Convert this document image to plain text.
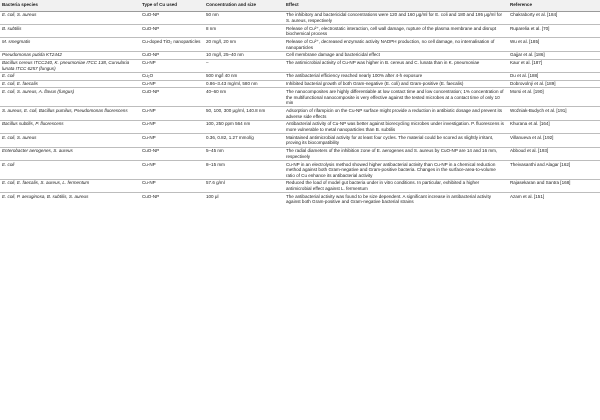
Bacteria species	Type of Cu used	Concentration and size	Effect	Reference
E. coli, S. aureus	CuO-NP	50 nm	The inhibitory and bactericidal concentrations were 120 and 160 μg/ml for E. coli and 180 and 195 μg/ml for S. aureus, respectively	Chakraborty et al. [184]
B. subtilis	CuO-NP	8 nm	Release of Cu²⁺, electrostatic interaction, cell wall damage, rupture of the plasma membrane and disrupt biochemical process	Ruparelia et al. [70]
M. smegmatis	Cu-doped TiO₂ nanoparticles	20 mg/l, 20 nm	Release of Cu²⁺, decreased enzymatic activity NADPH production, no cell damage, no internalisation of nanoparticles	Wu et al. [185]
Pseudomonas putida KT2442	CuO-NP	10 mg/l, 25–40 nm	Cell membrane damage and bactericidal effect	Gajjar et al. [186]
Bacillus cereus ITCC240, K. pneumoniae ITCC 138, Curvularia lunata ITCC 6257 (fungus)	Cu-NP	–	The antimicrobial activity of Cu-NP was higher in B. cereus and C. lunata than in K. pneumoniae	Kaur et al. [187]
E. coli	Cu₂O	500 mg/l 40 nm	The antibacterial efficiency reached nearly 100% after 4-h exposure	Du et al. [188]
E. coli, E. faecalis	Cu-NP	0.86–3.43 mg/ml, 580 nm	Inhibited bacterial growth of both Gram-negative (E. coli) and Gram-positive (E. faecalis)	Dobrovolný et al. [189]
E. coli, S. aureus, A. flavus (fungus)	CuO-NP	40–60 nm	The nanocomposites are highly differentiable at low contact time and low concentration; 1% concentration of the multifunctional nanocomposite is very effective against the tested microbes at a contact time of only 10 min	Morsi et al. [190]
S. aureus, E. coli, Bacillus pumilus, Pseudomonas fluorescens	Cu-NP	50, 100, 300 μg/ml, 140.8 nm	Adsorption of rifampicin on the Cu-NP surface might provide a reduction in antibiotic dosage and prevent its adverse side effects	Woźniak-Budych et al. [191]
Bacillus subtilis, P. fluorescens	Cu-NP	100, 250 ppm 564 nm	Antibacterial activity of Cu-NP was better against biorecycling microbes under investigation. P. fluorescens is more vulnerable to metal nanoparticles than B. subtilis	Khurana et al. [164]
E. coli, S. aureus	Cu-NP	0.36, 0.82, 1.27 mmol/g	Maintained antimicrobial activity for at least four cycles. The material could be scored as slightly irritant, proving its biocompatibility	Villanueva et al. [192]
Enterobacter aerogenes, S. aureus	CuO-NP	5–45 nm	The radial diameters of the inhibition zone of E. aerogenes and S. aureus by CuO-NP are 14 and 16 mm, respectively	Abboud et al. [193]
E. coli	Cu-NP	8–15 mm	Cu-NP in an electrolysis method showed higher antibacterial activity than Cu-NP in a chemical reduction method against both Gram-negative and Gram-positive bacteria. Changes in the surface-area-to-volume ratio of Cu enhance its antibacterial activity	Theivasanthi and Alagar [162]
E. coli, E. faecalis, S. aureus, L. fermentum	Cu-NP	57.6 g/ml	Reduced the load of model gut bacteria under in vitro conditions. In particular, exhibited a higher antimicrobial effect against L. fermentum	Rajasekaran and Santra [168]
E. coli, P. aeruginosa, B. subtilis, S. aureus	CuO-NP	100 μl	The antibacterial activity was found to be size dependent. A significant increase in antibacterial activity against both Gram-positive and Gram-negative bacterial strains	Azam et al. [151]
